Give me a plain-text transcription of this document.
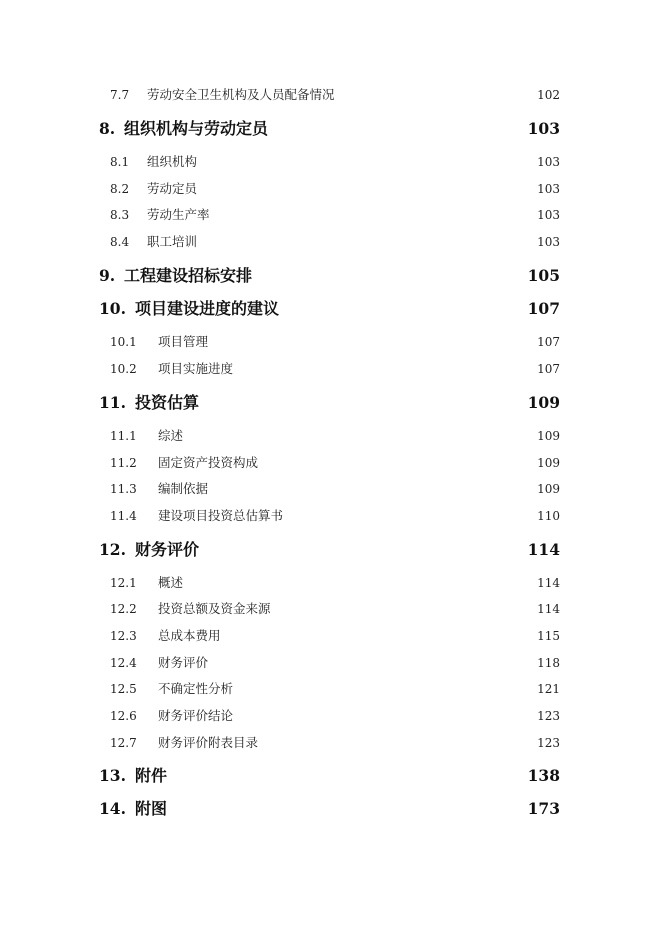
7.7 劳动安全卫生机构及人员配备情况	102
8. 组织机构与劳动定员	103
8.1 组织机构	103
8.2 劳动定员	103
8.3 劳动生产率	103
8.4 职工培训	103
9. 工程建设招标安排	105
10. 项目建设进度的建议	107
10.1 项目管理	107
10.2 项目实施进度	107
11. 投资估算	109
11.1 综述	109
11.2 固定资产投资构成	109
11.3 编制依据	109
11.4 建设项目投资总估算书	110
12. 财务评价	114
12.1 概述	114
12.2 投资总额及资金来源	114
12.3 总成本费用	115
12.4 财务评价	118
12.5 不确定性分析	121
12.6 财务评价结论	123
12.7 财务评价附表目录	123
13. 附件	138
14. 附图	173
